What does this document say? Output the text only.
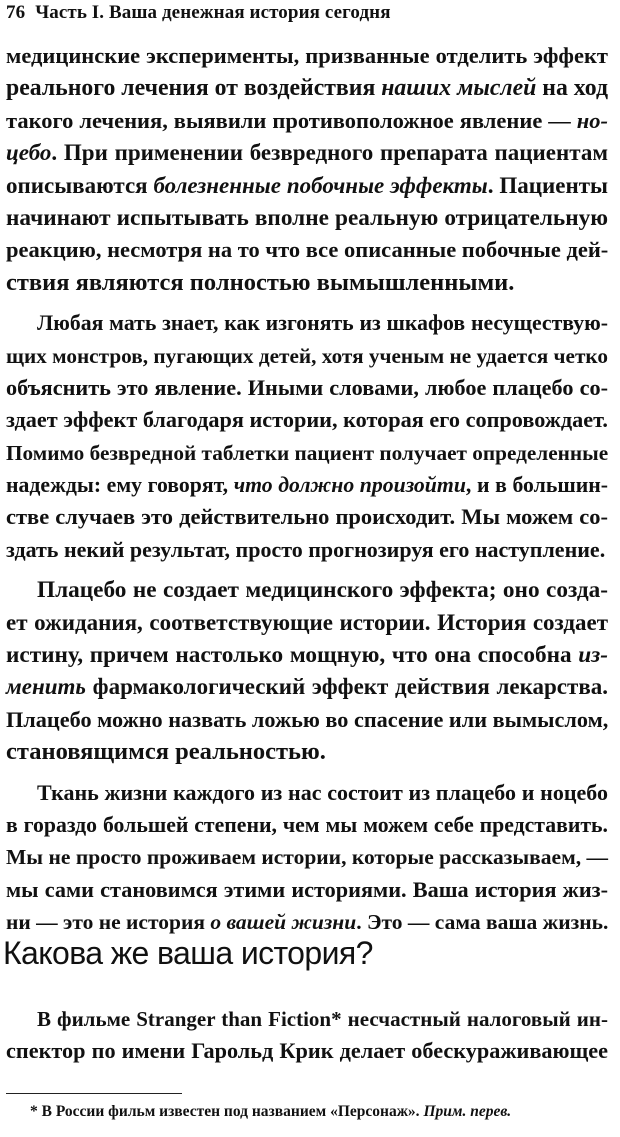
76 Часть I. Ваша денежная история сегодня
медицинские эксперименты, призванные отделить эффект
реального лечения от воздействия наших мыслей на ход
такого лечения, выявили противоположное явление — но-
цебо. При применении безвредного препарата пациентам
описываются болезненные побочные эффекты. Пациенты
начинают испытывать вполне реальную отрицательную
реакцию, несмотря на то что все описанные побочные дей-
ствия являются полностью вымышленными.
Любая мать знает, как изгонять из шкафов несуществую-
щих монстров, пугающих детей, хотя ученым не удается четко
объяснить это явление. Иными словами, любое плацебо со-
здает эффект благодаря истории, которая его сопровождает.
Помимо безвредной таблетки пациент получает определенные
надежды: ему говорят, что должно произойти, и в большин-
стве случаев это действительно происходит. Мы можем со-
здать некий результат, просто прогнозируя его наступление.
Плацебо не создает медицинского эффекта; оно созда-
ет ожидания, соответствующие истории. История создает
истину, причем настолько мощную, что она способна из-
менить фармакологический эффект действия лекарства.
Плацебо можно назвать ложью во спасение или вымыслом,
становящимся реальностью.
Ткань жизни каждого из нас состоит из плацебо и ноцебо
в гораздо большей степени, чем мы можем себе представить.
Мы не просто проживаем истории, которые рассказываем, —
мы сами становимся этими историями. Ваша история жиз-
ни — это не история о вашей жизни. Это — сама ваша жизнь.
Какова же ваша история?
В фильме Stranger than Fiction* несчастный налоговый ин-
спектор по имени Гарольд Крик делает обескураживающее
* В России фильм известен под названием «Персонаж». Прим. перев.
